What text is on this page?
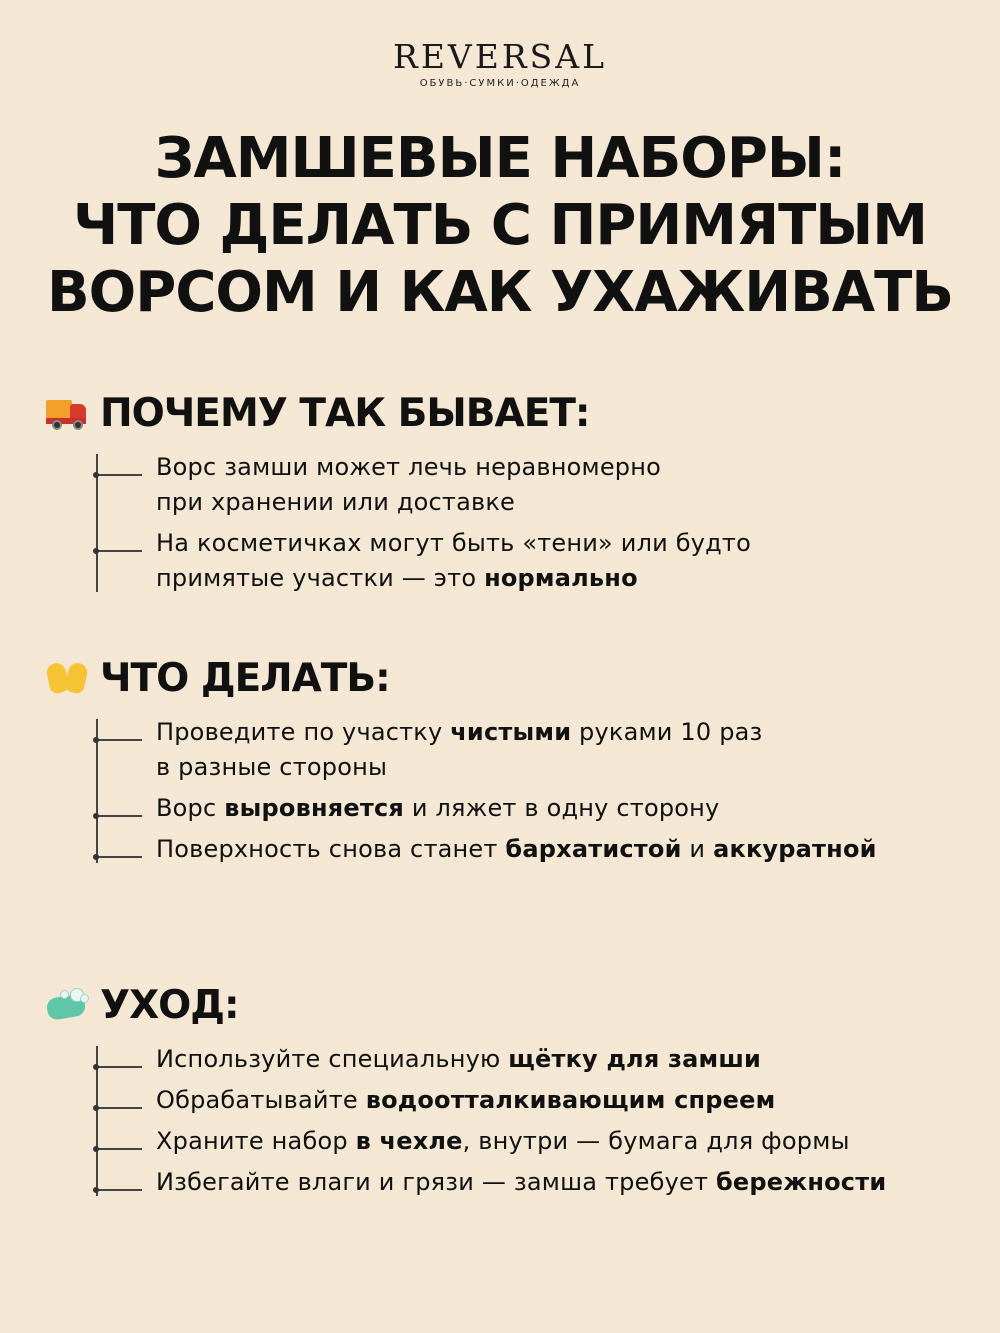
REVERSAL
ОБУВЬ·СУМКИ·ОДЕЖДА
ЗАМШЕВЫЕ НАБОРЫ:
ЧТО ДЕЛАТЬ С ПРИМЯТЫМ
ВОРСОМ И КАК УХАЖИВАТЬ
ПОЧЕМУ ТАК БЫВАЕТ:
Ворс замши может лечь неравномерно
при хранении или доставке
На косметичках могут быть «тени» или будто
примятые участки — это нормально
ЧТО ДЕЛАТЬ:
Проведите по участку чистыми руками 10 раз
в разные стороны
Ворс выровняется и ляжет в одну сторону
Поверхность снова станет бархатистой и аккуратной
УХОД:
Используйте специальную щётку для замши
Обрабатывайте водоотталкивающим спреем
Храните набор в чехле, внутри — бумага для формы
Избегайте влаги и грязи — замша требует бережности
